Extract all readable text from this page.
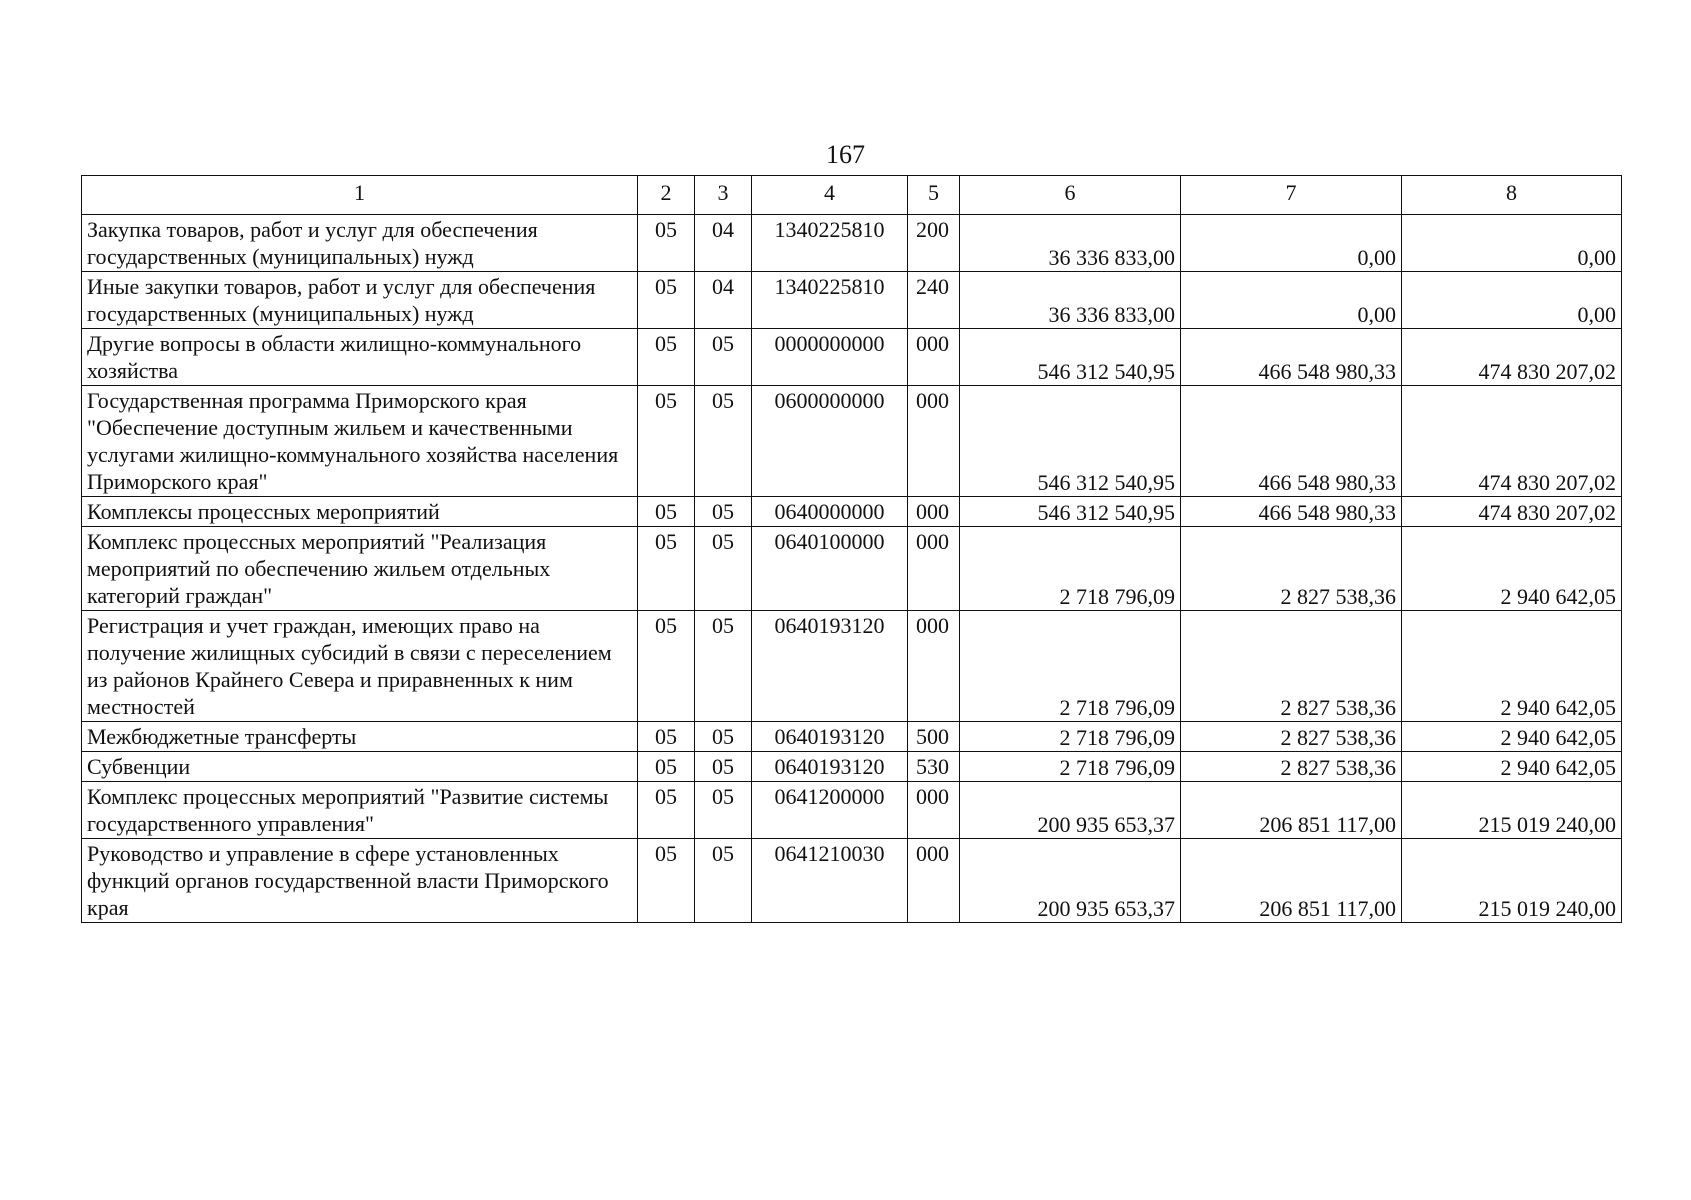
167
1	2	3	4	5	6	7	8
Закупка товаров, работ и услуг для обеспечения государственных (муниципальных) нужд	05	04	1340225810	200	36 336 833,00	0,00	0,00
Иные закупки товаров, работ и услуг для обеспечения государственных (муниципальных) нужд	05	04	1340225810	240	36 336 833,00	0,00	0,00
Другие вопросы в области жилищно-коммунального хозяйства	05	05	0000000000	000	546 312 540,95	466 548 980,33	474 830 207,02
Государственная программа Приморского края "Обеспечение доступным жильем и качественными услугами жилищно-коммунального хозяйства населения Приморского края"	05	05	0600000000	000	546 312 540,95	466 548 980,33	474 830 207,02
Комплексы процессных мероприятий	05	05	0640000000	000	546 312 540,95	466 548 980,33	474 830 207,02
Комплекс процессных мероприятий "Реализация мероприятий по обеспечению жильем отдельных категорий граждан"	05	05	0640100000	000	2 718 796,09	2 827 538,36	2 940 642,05
Регистрация и учет граждан, имеющих право на получение жилищных субсидий в связи с переселением из районов Крайнего Севера и приравненных к ним местностей	05	05	0640193120	000	2 718 796,09	2 827 538,36	2 940 642,05
Межбюджетные трансферты	05	05	0640193120	500	2 718 796,09	2 827 538,36	2 940 642,05
Субвенции	05	05	0640193120	530	2 718 796,09	2 827 538,36	2 940 642,05
Комплекс процессных мероприятий "Развитие системы государственного управления"	05	05	0641200000	000	200 935 653,37	206 851 117,00	215 019 240,00
Руководство и управление в сфере установленных функций органов государственной власти Приморского края	05	05	0641210030	000	200 935 653,37	206 851 117,00	215 019 240,00
